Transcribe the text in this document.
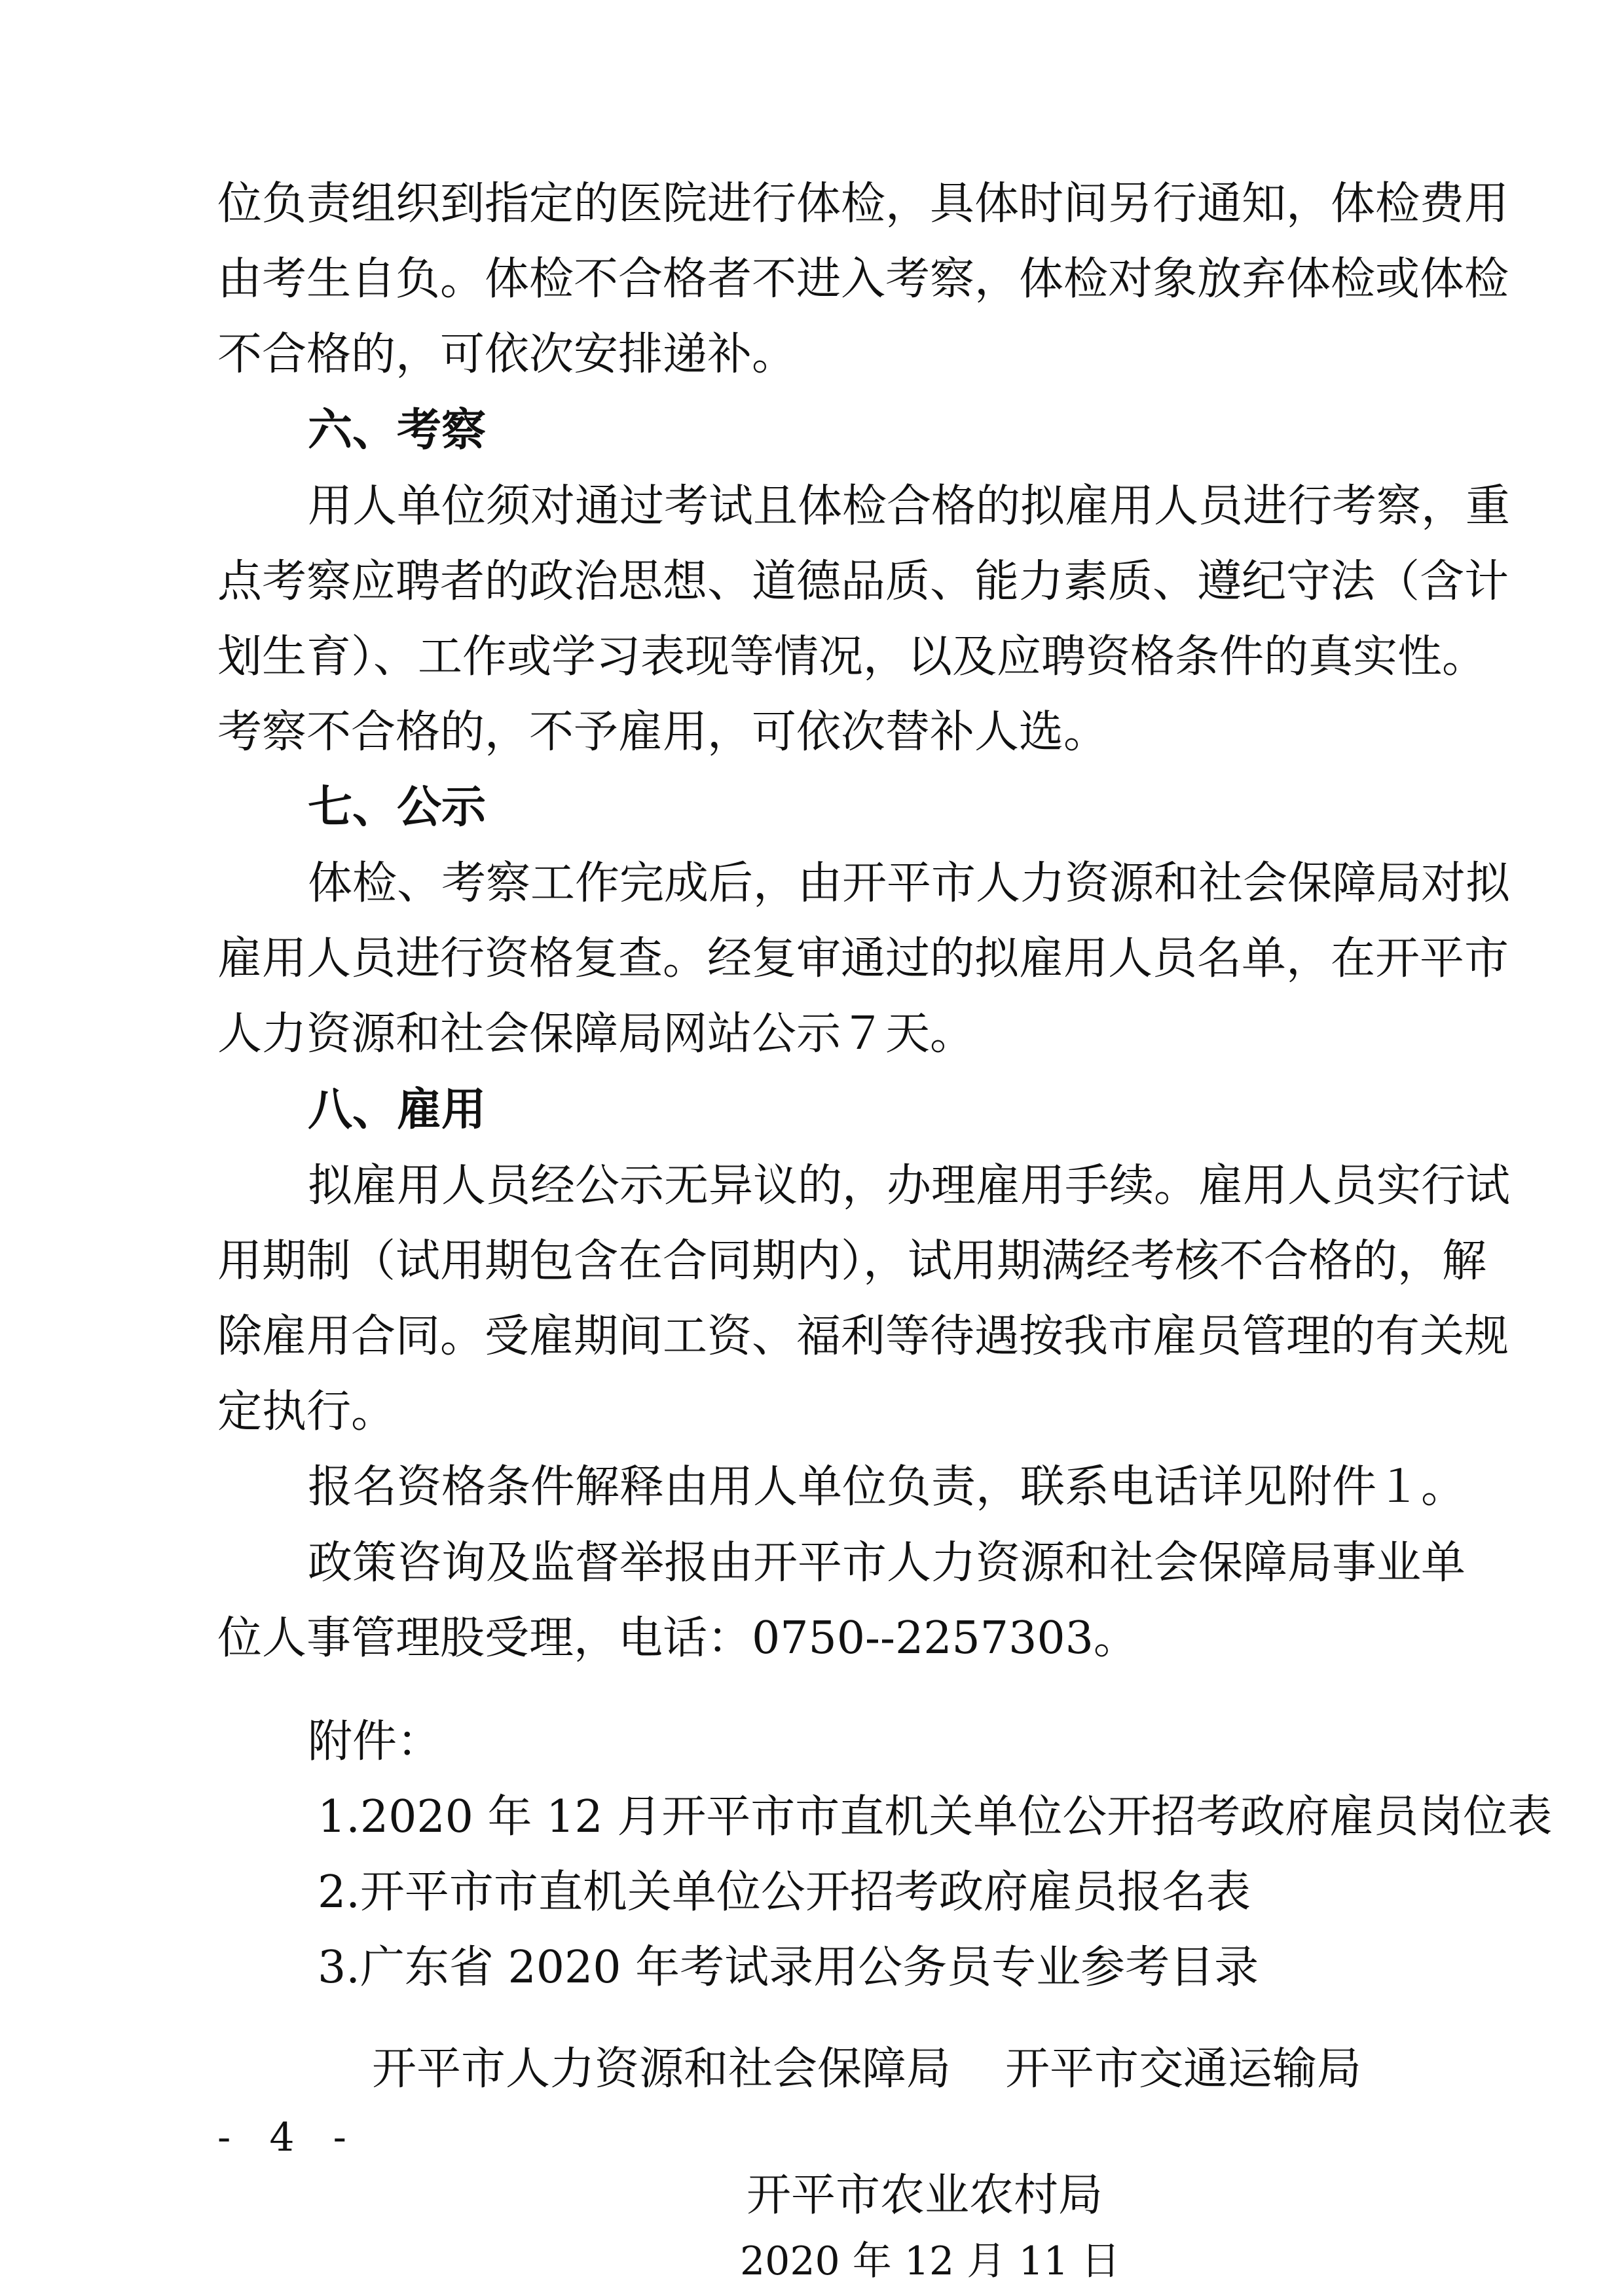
位负责组织到指定的医院进行体检，具体时间另行通知，体检费用
由考生自负。体检不合格者不进入考察，体检对象放弃体检或体检
不合格的，可依次安排递补。
六、考察
用人单位须对通过考试且体检合格的拟雇用人员进行考察，重
点考察应聘者的政治思想、道德品质、能力素质、遵纪守法（含计
划生育）、工作或学习表现等情况，以及应聘资格条件的真实性。
考察不合格的，不予雇用，可依次替补人选。
七、公示
体检、考察工作完成后，由开平市人力资源和社会保障局对拟
雇用人员进行资格复查。经复审通过的拟雇用人员名单，在开平市
人力资源和社会保障局网站公示７天。
八、雇用
拟雇用人员经公示无异议的，办理雇用手续。雇用人员实行试
用期制（试用期包含在合同期内），试用期满经考核不合格的，解
除雇用合同。受雇期间工资、福利等待遇按我市雇员管理的有关规
定执行。
报名资格条件解释由用人单位负责，联系电话详见附件１。
政策咨询及监督举报由开平市人力资源和社会保障局事业单
位人事管理股受理，电话：0750--2257303。
附件：
1.2020 年 12 月开平市市直机关单位公开招考政府雇员岗位表
2.开平市市直机关单位公开招考政府雇员报名表
3.广东省 2020 年考试录用公务员专业参考目录
开平市人力资源和社会保障局 开平市交通运输局
开平市农业农村局
2020 年 12 月 11 日
- 4 -
